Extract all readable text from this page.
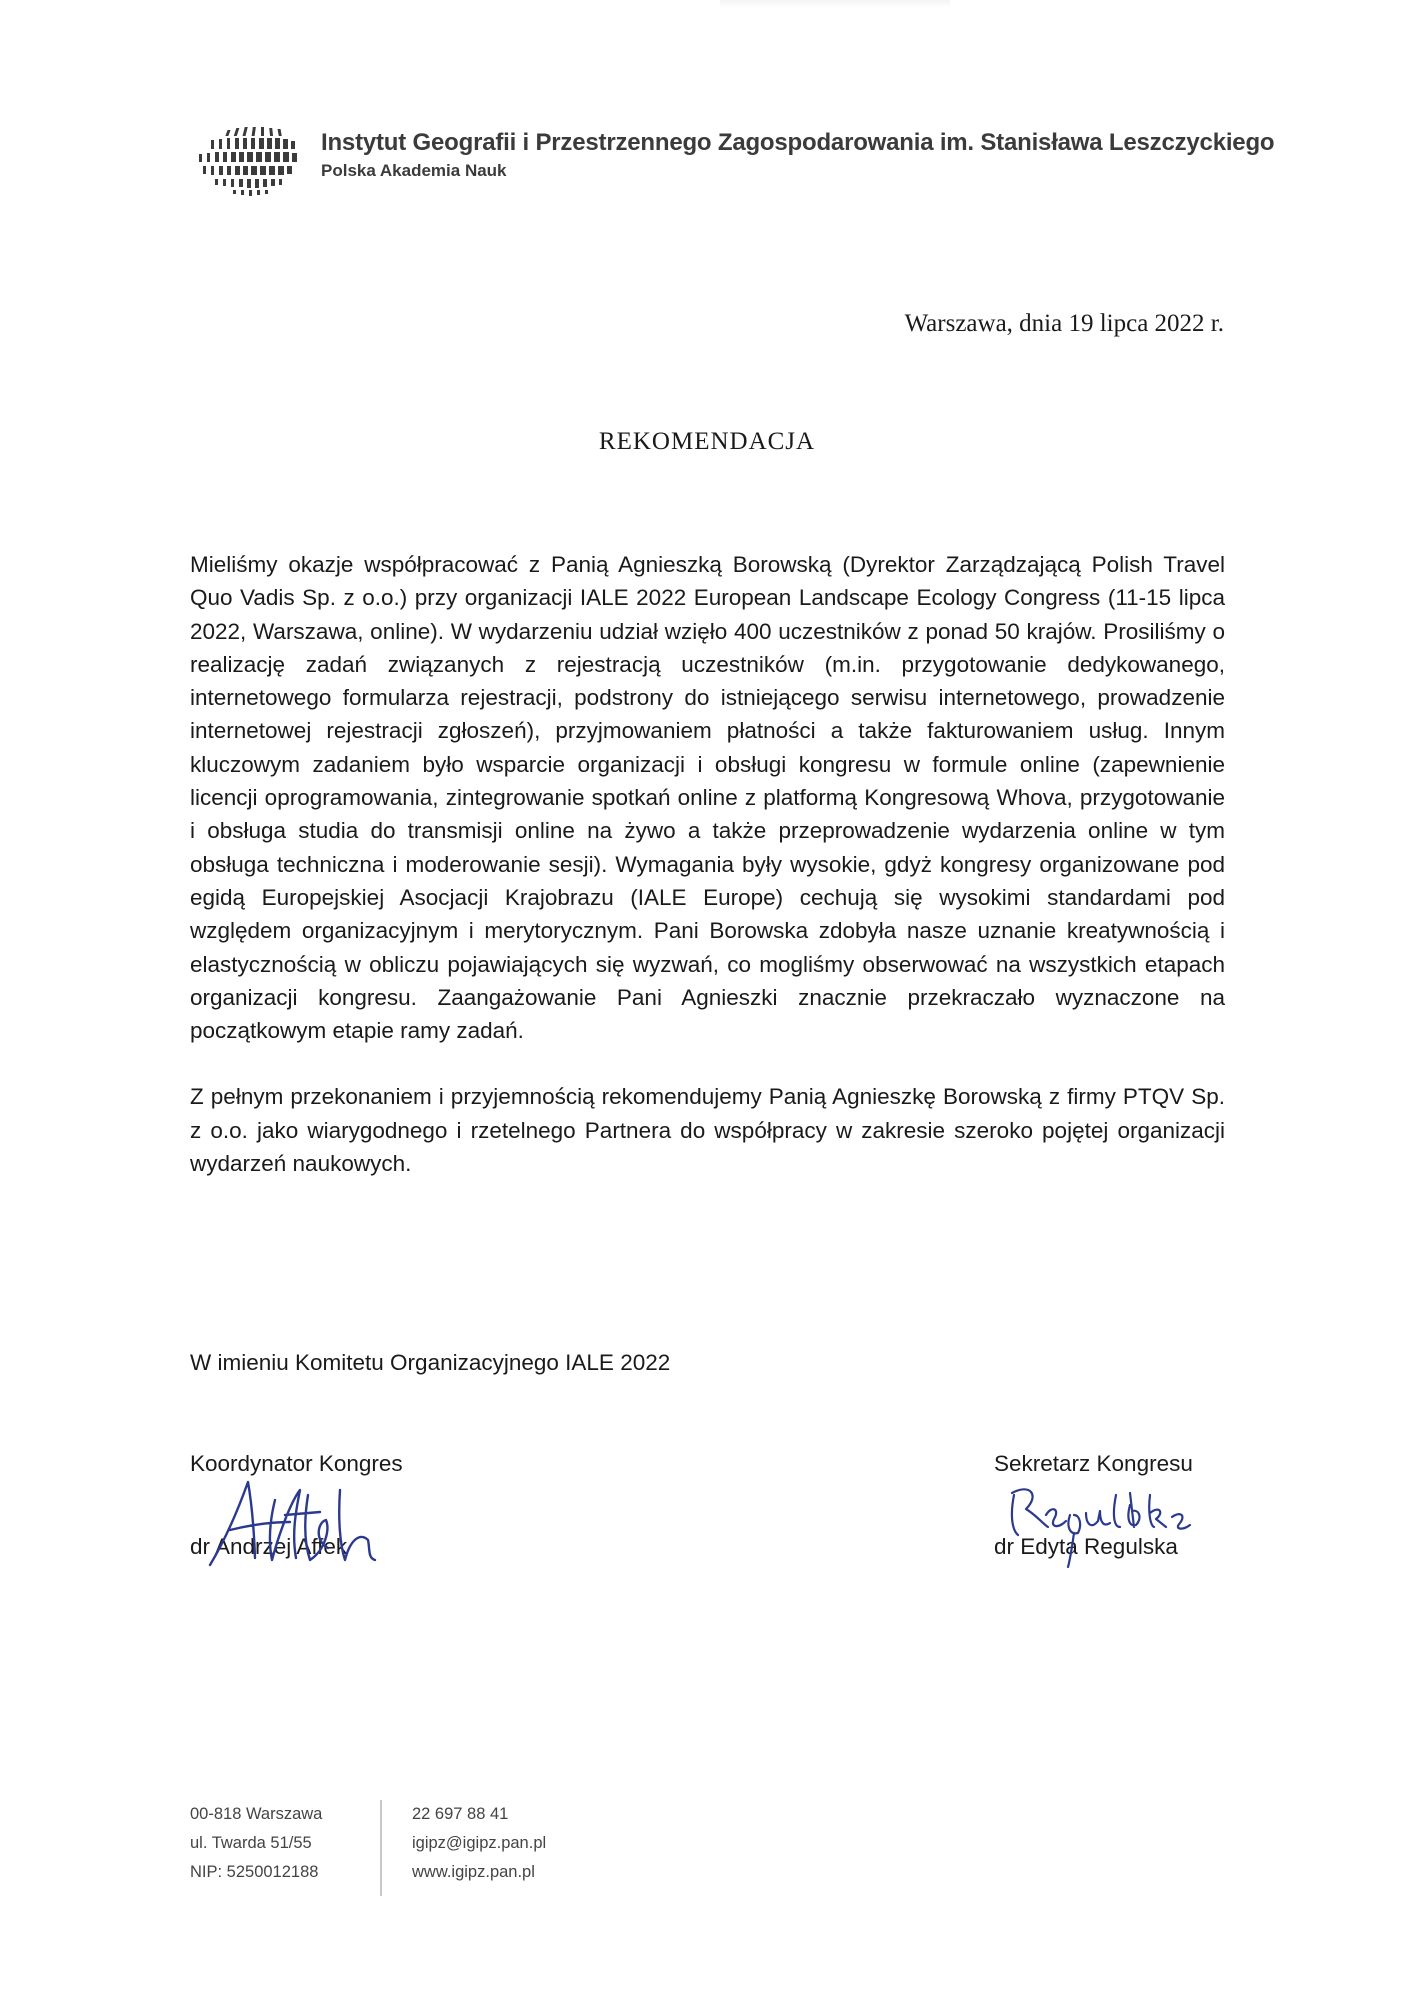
Instytut Geografii i Przestrzennego Zagospodarowania im. Stanisława Leszczyckiego
Polska Akademia Nauk
Warszawa, dnia 19 lipca 2022 r.
REKOMENDACJA

Mieliśmy okazje współpracować z Panią Agnieszką Borowską (Dyrektor Zarządzającą Polish Travel Quo Vadis Sp. z o.o.) przy organizacji IALE 2022 European Landscape Ecology Congress (11-15 lipca 2022, Warszawa, online). W wydarzeniu udział wzięło 400 uczestników z ponad 50 krajów. Prosiliśmy o realizację zadań związanych z rejestracją uczestników (m.in. przygotowanie dedykowanego, internetowego formularza rejestracji, podstrony do istniejącego serwisu internetowego, prowadzenie internetowej rejestracji zgłoszeń), przyjmowaniem płatności a także fakturowaniem usług. Innym kluczowym zadaniem było wsparcie organizacji i obsługi kongresu w formule online (zapewnienie licencji oprogramowania, zintegrowanie spotkań online z platformą Kongresową Whova, przygotowanie i obsługa studia do transmisji online na żywo a także przeprowadzenie wydarzenia online w tym obsługa techniczna i moderowanie sesji). Wymagania były wysokie, gdyż kongresy organizowane pod egidą Europejskiej Asocjacji Krajobrazu (IALE Europe) cechują się wysokimi standardami pod względem organizacyjnym i merytorycznym. Pani Borowska zdobyła nasze uznanie kreatywnością i elastycznością w obliczu pojawiających się wyzwań, co mogliśmy obserwować na wszystkich etapach organizacji kongresu. Zaangażowanie Pani Agnieszki znacznie przekraczało wyznaczone na początkowym etapie ramy zadań.

Z pełnym przekonaniem i przyjemnością rekomendujemy Panią Agnieszkę Borowską z firmy PTQV Sp. z o.o. jako wiarygodnego i rzetelnego Partnera do współpracy w zakresie szeroko pojętej organizacji wydarzeń naukowych.

W imieniu Komitetu Organizacyjnego IALE 2022
Koordynator Kongres
dr Andrzej Affek
Sekretarz Kongresu
dr Edyta Regulska
00-818 Warszawa
ul. Twarda 51/55
NIP: 5250012188
22 697 88 41
igipz@igipz.pan.pl
www.igipz.pan.pl
